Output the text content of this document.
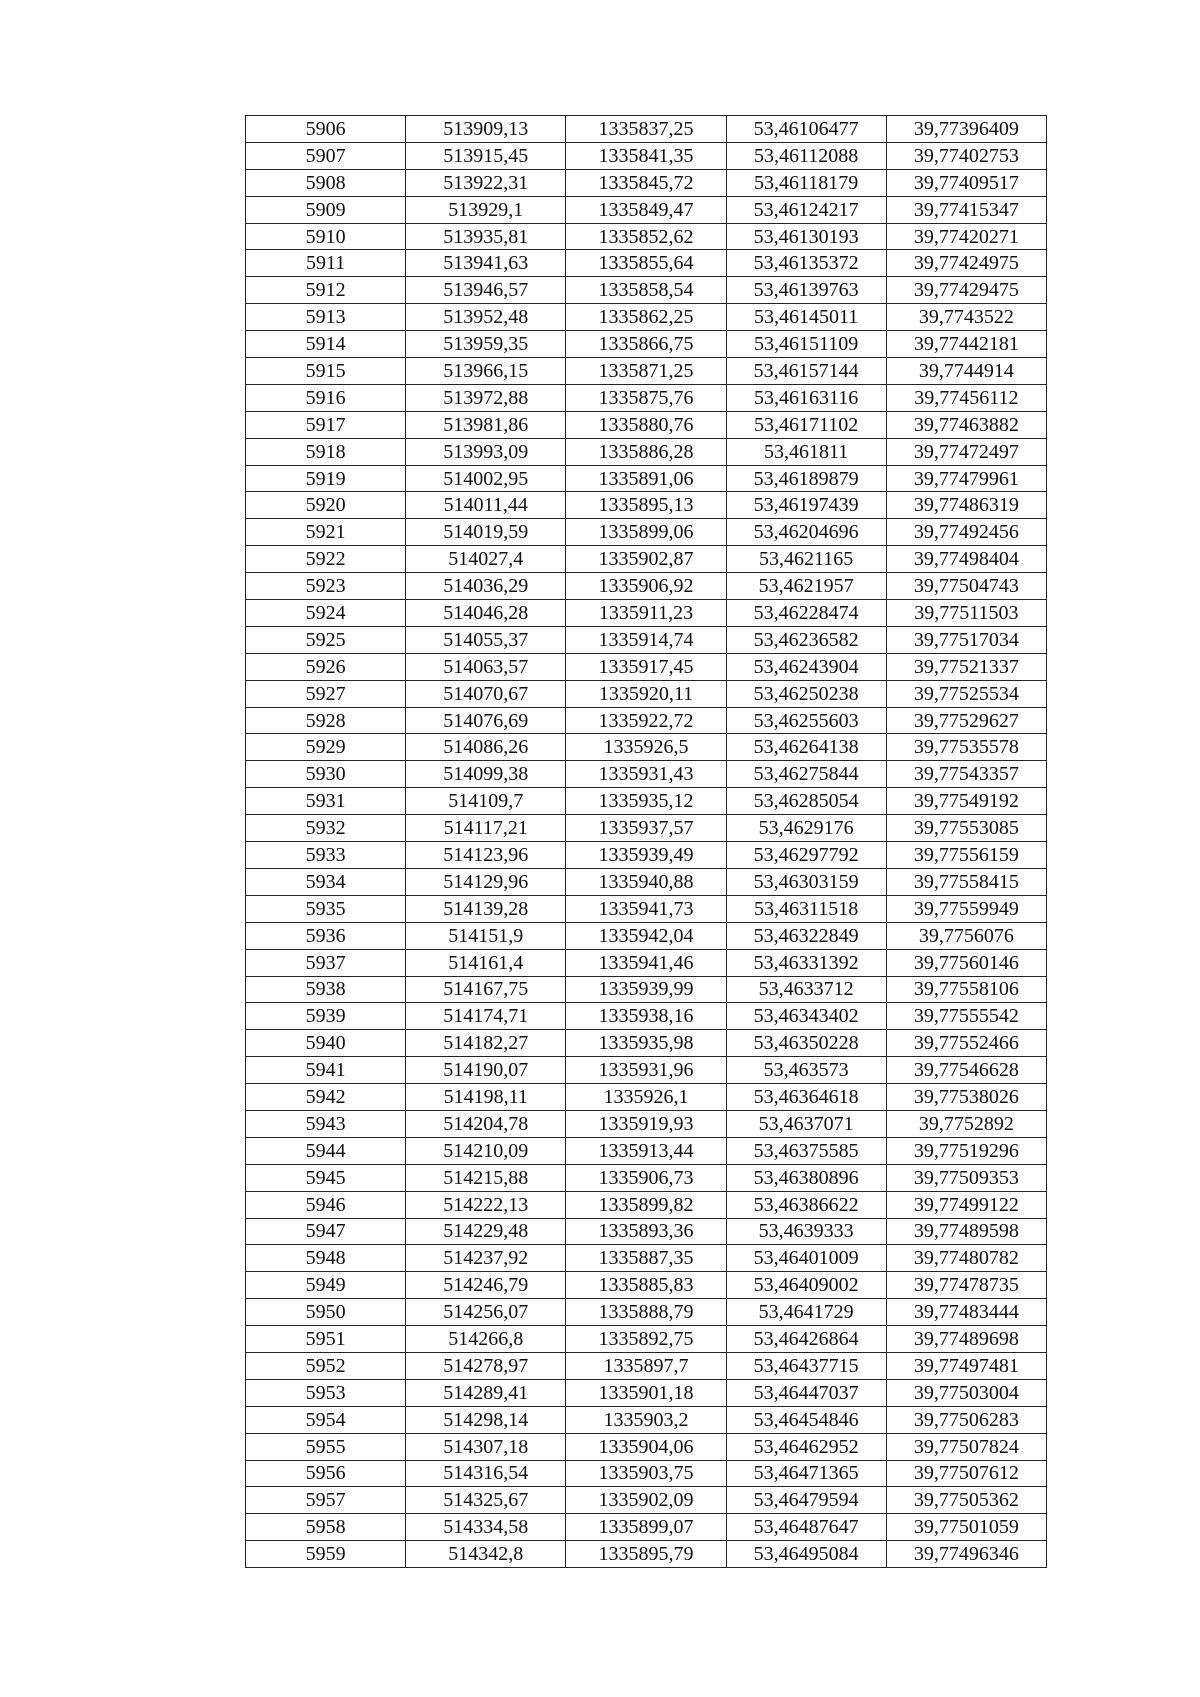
5906	513909,13	1335837,25	53,46106477	39,77396409
5907	513915,45	1335841,35	53,46112088	39,77402753
5908	513922,31	1335845,72	53,46118179	39,77409517
5909	513929,1	1335849,47	53,46124217	39,77415347
5910	513935,81	1335852,62	53,46130193	39,77420271
5911	513941,63	1335855,64	53,46135372	39,77424975
5912	513946,57	1335858,54	53,46139763	39,77429475
5913	513952,48	1335862,25	53,46145011	39,7743522
5914	513959,35	1335866,75	53,46151109	39,77442181
5915	513966,15	1335871,25	53,46157144	39,7744914
5916	513972,88	1335875,76	53,46163116	39,77456112
5917	513981,86	1335880,76	53,46171102	39,77463882
5918	513993,09	1335886,28	53,461811	39,77472497
5919	514002,95	1335891,06	53,46189879	39,77479961
5920	514011,44	1335895,13	53,46197439	39,77486319
5921	514019,59	1335899,06	53,46204696	39,77492456
5922	514027,4	1335902,87	53,4621165	39,77498404
5923	514036,29	1335906,92	53,4621957	39,77504743
5924	514046,28	1335911,23	53,46228474	39,77511503
5925	514055,37	1335914,74	53,46236582	39,77517034
5926	514063,57	1335917,45	53,46243904	39,77521337
5927	514070,67	1335920,11	53,46250238	39,77525534
5928	514076,69	1335922,72	53,46255603	39,77529627
5929	514086,26	1335926,5	53,46264138	39,77535578
5930	514099,38	1335931,43	53,46275844	39,77543357
5931	514109,7	1335935,12	53,46285054	39,77549192
5932	514117,21	1335937,57	53,4629176	39,77553085
5933	514123,96	1335939,49	53,46297792	39,77556159
5934	514129,96	1335940,88	53,46303159	39,77558415
5935	514139,28	1335941,73	53,46311518	39,77559949
5936	514151,9	1335942,04	53,46322849	39,7756076
5937	514161,4	1335941,46	53,46331392	39,77560146
5938	514167,75	1335939,99	53,4633712	39,77558106
5939	514174,71	1335938,16	53,46343402	39,77555542
5940	514182,27	1335935,98	53,46350228	39,77552466
5941	514190,07	1335931,96	53,463573	39,77546628
5942	514198,11	1335926,1	53,46364618	39,77538026
5943	514204,78	1335919,93	53,4637071	39,7752892
5944	514210,09	1335913,44	53,46375585	39,77519296
5945	514215,88	1335906,73	53,46380896	39,77509353
5946	514222,13	1335899,82	53,46386622	39,77499122
5947	514229,48	1335893,36	53,4639333	39,77489598
5948	514237,92	1335887,35	53,46401009	39,77480782
5949	514246,79	1335885,83	53,46409002	39,77478735
5950	514256,07	1335888,79	53,4641729	39,77483444
5951	514266,8	1335892,75	53,46426864	39,77489698
5952	514278,97	1335897,7	53,46437715	39,77497481
5953	514289,41	1335901,18	53,46447037	39,77503004
5954	514298,14	1335903,2	53,46454846	39,77506283
5955	514307,18	1335904,06	53,46462952	39,77507824
5956	514316,54	1335903,75	53,46471365	39,77507612
5957	514325,67	1335902,09	53,46479594	39,77505362
5958	514334,58	1335899,07	53,46487647	39,77501059
5959	514342,8	1335895,79	53,46495084	39,77496346
